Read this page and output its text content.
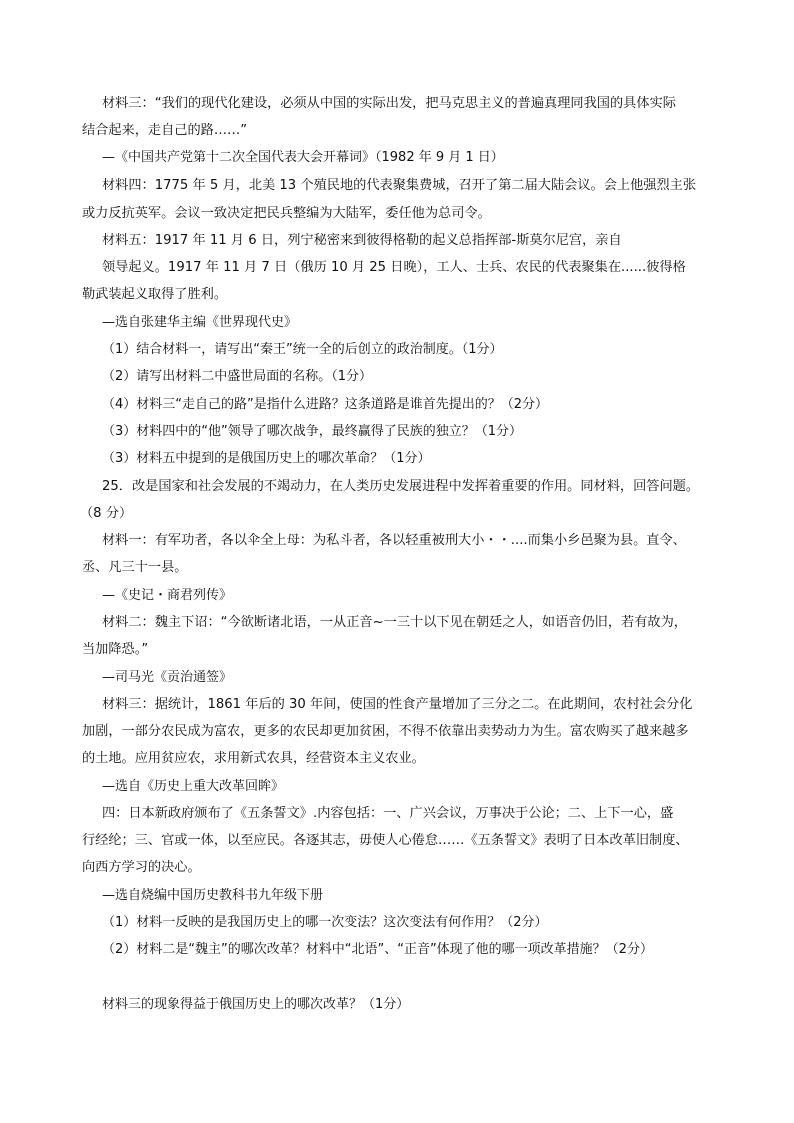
材料三：“我们的现代化建设，必须从中国的实际出发，把马克思主义的普遍真理同我国的具体实际
结合起来，走自己的路……”
—《中国共产党第十二次全国代表大会开幕词》（1982 年 9 月 1 日）
材料四：1775 年 5 月，北美 13 个殖民地的代表聚集费城，召开了第二届大陆会议。会上他强烈主张
或力反抗英军。会议一致决定把民兵整编为大陆军，委任他为总司令。
材料五：1917 年 11 月 6 日，列宁秘密来到彼得格勒的起义总指挥部-斯莫尔尼宫，亲自
领导起义。1917 年 11 月 7 日（俄历 10 月 25 日晚），工人、士兵、农民的代表聚集在......彼得格
勒武装起义取得了胜利。
—选自张建华主编《世界现代史》
（1）结合材料一，请写出“秦王”统一全的后创立的政治制度。（1分）
（2）请写出材料二中盛世局面的名称。（1分）
（4）材料三“走自己的路”是指什么进路？这条道路是谁首先提出的？（2分）
（3）材料四中的“他”领导了哪次战争，最终赢得了民族的独立？（1分）
（3）材料五中提到的是俄国历史上的哪次革命？（1分）
25．改是国家和社会发展的不竭动力，在人类历史发展进程中发挥着重要的作用。同材料，回答问题。
（8 分）
材料一：有军功者，各以伞全上母：为私斗者，各以轻重被刑大小・・....而集小乡邑聚为县。直令、
丞、凡三十一县。
—《史记・商君列传》
材料二：魏主下诏：“今欲断诸北语，一从正音~一三十以下见在朝廷之人，如语音仍旧，若有故为，
当加降恐。”
—司马光《贡治通签》
材料三：据统计，1861 年后的 30 年间，使国的性食产量增加了三分之二。在此期间，农村社会分化
加剧，一部分农民成为富农，更多的农民却更加贫困，不得不依靠出卖势动力为生。富农购买了越来越多
的土地。应用贫应农，求用新式农具，经营资本主义农业。
—选自《历史上重大改革回眸》
四：日本新政府颁布了《五条誓文》.内容包括：一、广兴会议，万事决于公论；二、上下一心，盛
行经纶；三、官或一体，以至应民。各逐其志，毋使人心倦怠……《五条誓文》表明了日本改革旧制度、
向西方学习的决心。
—选自烧编中国历史教科书九年级下册
（1）材料一反映的是我国历史上的哪一次变法？这次变法有何作用？（2分）
（2）材料二是“魏主”的哪次改革？材料中“北语”、“正音”体现了他的哪一项改革措施？（2分）
材料三的现象得益于俄国历史上的哪次改革？（1分）
